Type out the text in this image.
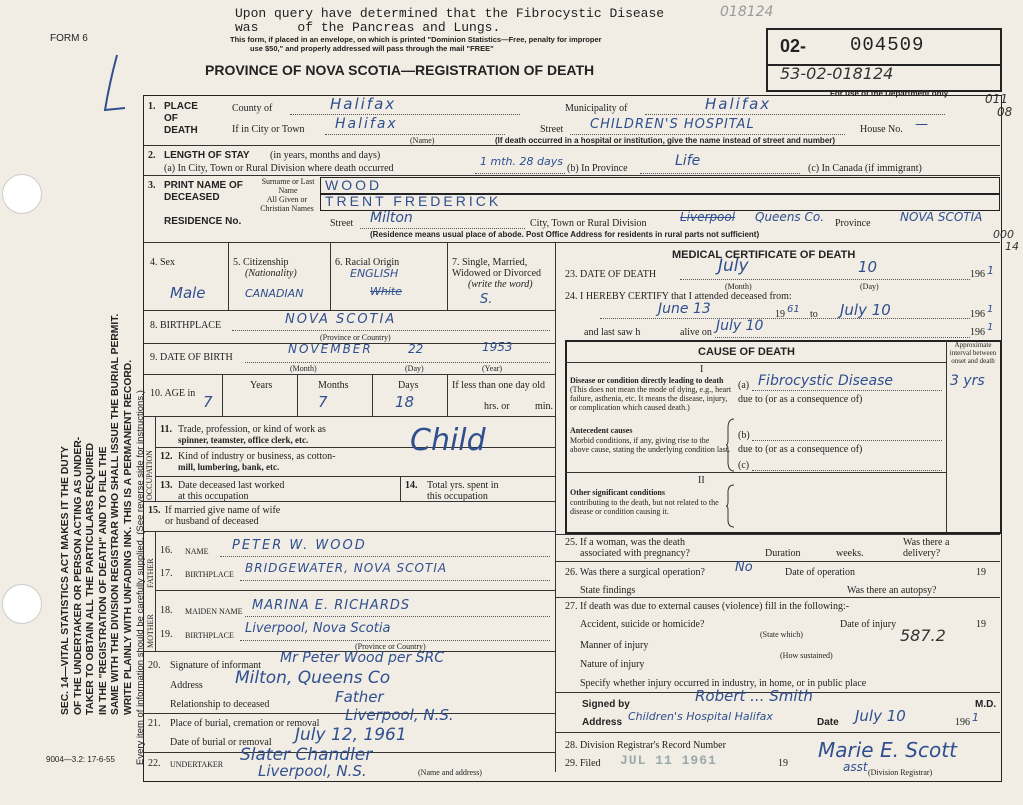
SEC. 14—VITAL STATISTICS ACT MAKES IT THE DUTY OF THE UNDERTAKER OR PERSON ACTING AS UNDER- TAKER TO OBTAIN ALL THE PARTICULARS REQUIRED IN THE "REGISTRATION OF DEATH" AND TO FILE THE SAME WITH THE DIVISION REGISTRAR WHO SHALL ISSUE THE BURIAL PERMIT. WRITE PLAINLY WITH UNFADING INK. THIS IS A PERMANENT RECORD. Every item of information should be carefully supplied. (See reverse side for instructions.)
FORM 6
9004—3.2: 17-6-55
Upon query have determined that the Fibrocystic Disease
was     of the Pancreas and Lungs.
This form, if placed in an envelope, on which is printed "Dominion Statistics—Free, penalty for improper
use $50," and properly addressed will pass through the mail "FREE"
PROVINCE OF NOVA SCOTIA—REGISTRATION OF DEATH
018124
02- 004509
53-02-018124
For use of the Department only	011
08
000
14
1. PLACE OF DEATH
County of	Halifax	Municipality of	Halifax
If in City or Town Halifax
(Name)
Street CHILDREN'S HOSPITAL	House No. —
(If death occurred in a hospital or institution, give the name instead of street and number)
2. LENGTH OF STAY (in years, months and days)
(a) In City, Town or Rural Division where death occurred
1 mth. 28 days
(b) In Province	Life	(c) In Canada (if immigrant)
3. PRINT NAME OF DECEASED
Surname or Last Name	WOOD
All Given or Christian Names TRENT FREDERICK
RESIDENCE No.	Street Milton	City, Town or Rural Division	Liverpool Queens Co. Province NOVA SCOTIA
(Residence means usual place of abode. Post Office Address for residents in rural parts not sufficient)
4. Sex
Male
5. Citizenship
(Nationality)
CANADIAN
6. Racial Origin
ENGLISH
White
7. Single, Married, Widowed or Divorced
(write the word)
S.
8. BIRTHPLACE	NOVA SCOTIA
(Province or Country)
9. DATE OF BIRTH
NOVEMBER	22	1953
(Month)	(Day)	(Year)
10. AGE in
Years
7
Months
7
Days
18
If less than one day old
hrs. or	min.
OCCUPATION
11. Trade, profession, or kind of work as
spinner, teamster, office clerk, etc.
12. Kind of industry or business, as cotton-
mill, lumbering, bank, etc.
Child
13. Date deceased last worked
at this occupation
14. Total yrs. spent in
this occupation
15. If married give name of wife
or husband of deceased
FATHER
MOTHER
16. NAME PETER W. WOOD
17. BIRTHPLACE BRIDGEWATER, NOVA SCOTIA
18. MAIDEN NAME MARINA E. RICHARDS
19. BIRTHPLACE Liverpool, Nova Scotia
(Province or Country)
20. Signature of informant Mr Peter Wood per SRC
Address Milton, Queens Co
Relationship to deceased	Father
21. Place of burial, cremation or removal Liverpool, N.S.
Date of burial or removal July 12, 1961
22. UNDERTAKER Slater Chandler
Liverpool, N.S.	(Name and address)
MEDICAL CERTIFICATE OF DEATH
23. DATE OF DEATH	July	10	196 1
(Month)	(Day)
24. I HEREBY CERTIFY that I attended deceased from:
June 13	19 61 to July 10	196 1
and last saw h	alive on July 10	196 1
CAUSE OF DEATH
Approximate interval between onset and death
I
Disease or condition directly leading to death
(This does not mean the mode of dying, e.g., heart failure, asthenia, etc. It means the disease, injury, or complication which caused death.)
(a) Fibrocystic Disease	3 yrs
due to (or as a consequence of)
Antecedent causes
Morbid conditions, if any, giving rise to the above cause, stating the underlying condition last.
(b)
due to (or as a consequence of)
(c)
II
Other significant conditions
contributing to the death, but not related to the disease or condition causing it.
25. If a woman, was the death
associated with pregnancy?	Duration	weeks.
Was there a delivery?
26. Was there a surgical operation? No	Date of operation	19
State findings	Was there an autopsy?
27. If death was due to external causes (violence) fill in the following:-
Accident, suicide or homicide?
(State which)
Date of injury	19
Manner of injury
587.2
(How sustained)
Nature of injury
Specify whether injury occurred in industry, in home, or in public place
Signed by	Robert ... Smith	M.D.
Address Children's Hospital Halifax	Date July 10	196 1
28. Division Registrar's Record Number
29. Filed JUL 11 1961	19
Marie E. Scott
asst (Division Registrar)
